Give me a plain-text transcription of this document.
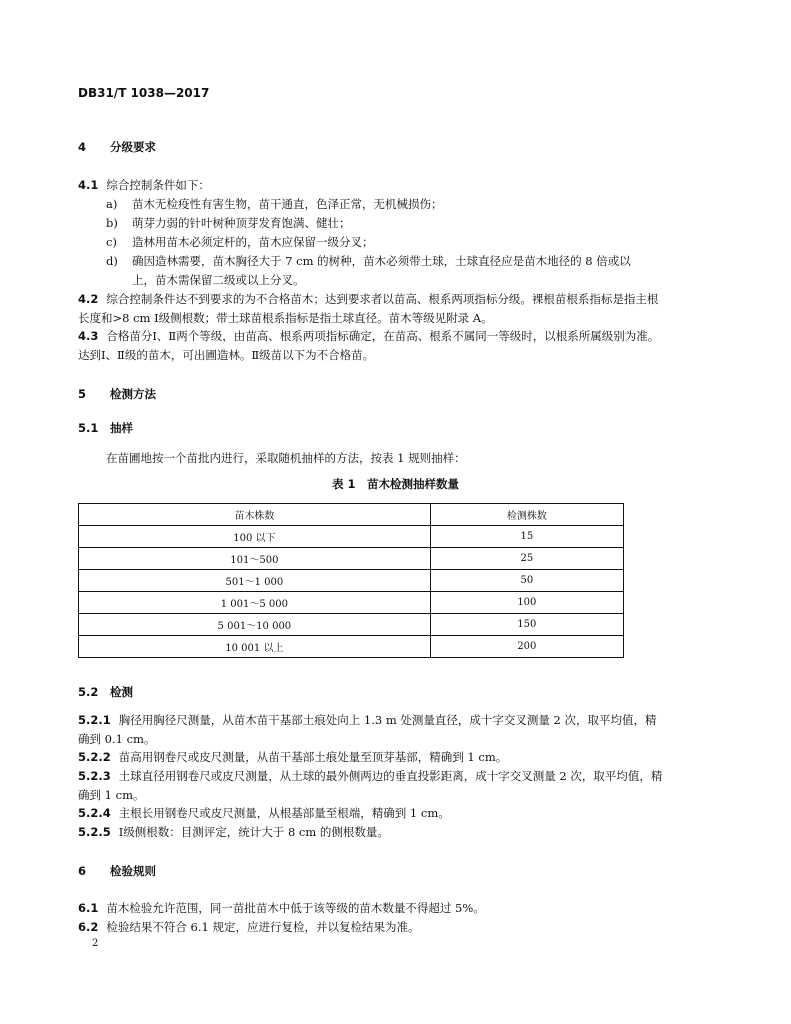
DB31/T 1038—2017
4 分级要求
4.1 综合控制条件如下：
a)	苗木无检疫性有害生物，苗干通直，色泽正常，无机械损伤；
b)	萌芽力弱的针叶树种顶芽发育饱满、健壮；
c)	造林用苗木必须定杆的，苗木应保留一级分叉；
d)	确因造林需要，苗木胸径大于 7 cm 的树种，苗木必须带土球，土球直径应是苗木地径的 8 倍或以上，苗木需保留二级或以上分叉。
4.2 综合控制条件达不到要求的为不合格苗木；达到要求者以苗高、根系两项指标分级。裸根苗根系指标是指主根长度和>8 cm Ⅰ级侧根数；带土球苗根系指标是指土球直径。苗木等级见附录 A。
4.3 合格苗分Ⅰ、Ⅱ两个等级，由苗高、根系两项指标确定，在苗高、根系不属同一等级时，以根系所属级别为准。达到Ⅰ、Ⅱ级的苗木，可出圃造林。Ⅱ级苗以下为不合格苗。
5 检测方法
5.1 抽样
在苗圃地按一个苗批内进行，采取随机抽样的方法，按表 1 规则抽样：
表 1　苗木检测抽样数量
苗木株数	检测株数
100 以下	15
101～500	25
501～1 000	50
1 001～5 000	100
5 001～10 000	150
10 001 以上	200
5.2 检测
5.2.1 胸径用胸径尺测量，从苗木苗干基部土痕处向上 1.3 m 处测量直径，成十字交叉测量 2 次，取平均值，精确到 0.1 cm。
5.2.2 苗高用钢卷尺或皮尺测量，从苗干基部土痕处量至顶芽基部，精确到 1 cm。
5.2.3 土球直径用钢卷尺或皮尺测量，从土球的最外侧两边的垂直投影距离，成十字交叉测量 2 次，取平均值，精确到 1 cm。
5.2.4 主根长用钢卷尺或皮尺测量，从根基部量至根端，精确到 1 cm。
5.2.5 Ⅰ级侧根数：目测评定，统计大于 8 cm 的侧根数量。
6 检验规则
6.1 苗木检验允许范围，同一苗批苗木中低于该等级的苗木数量不得超过 5%。
6.2 检验结果不符合 6.1 规定，应进行复检，并以复检结果为准。
2
